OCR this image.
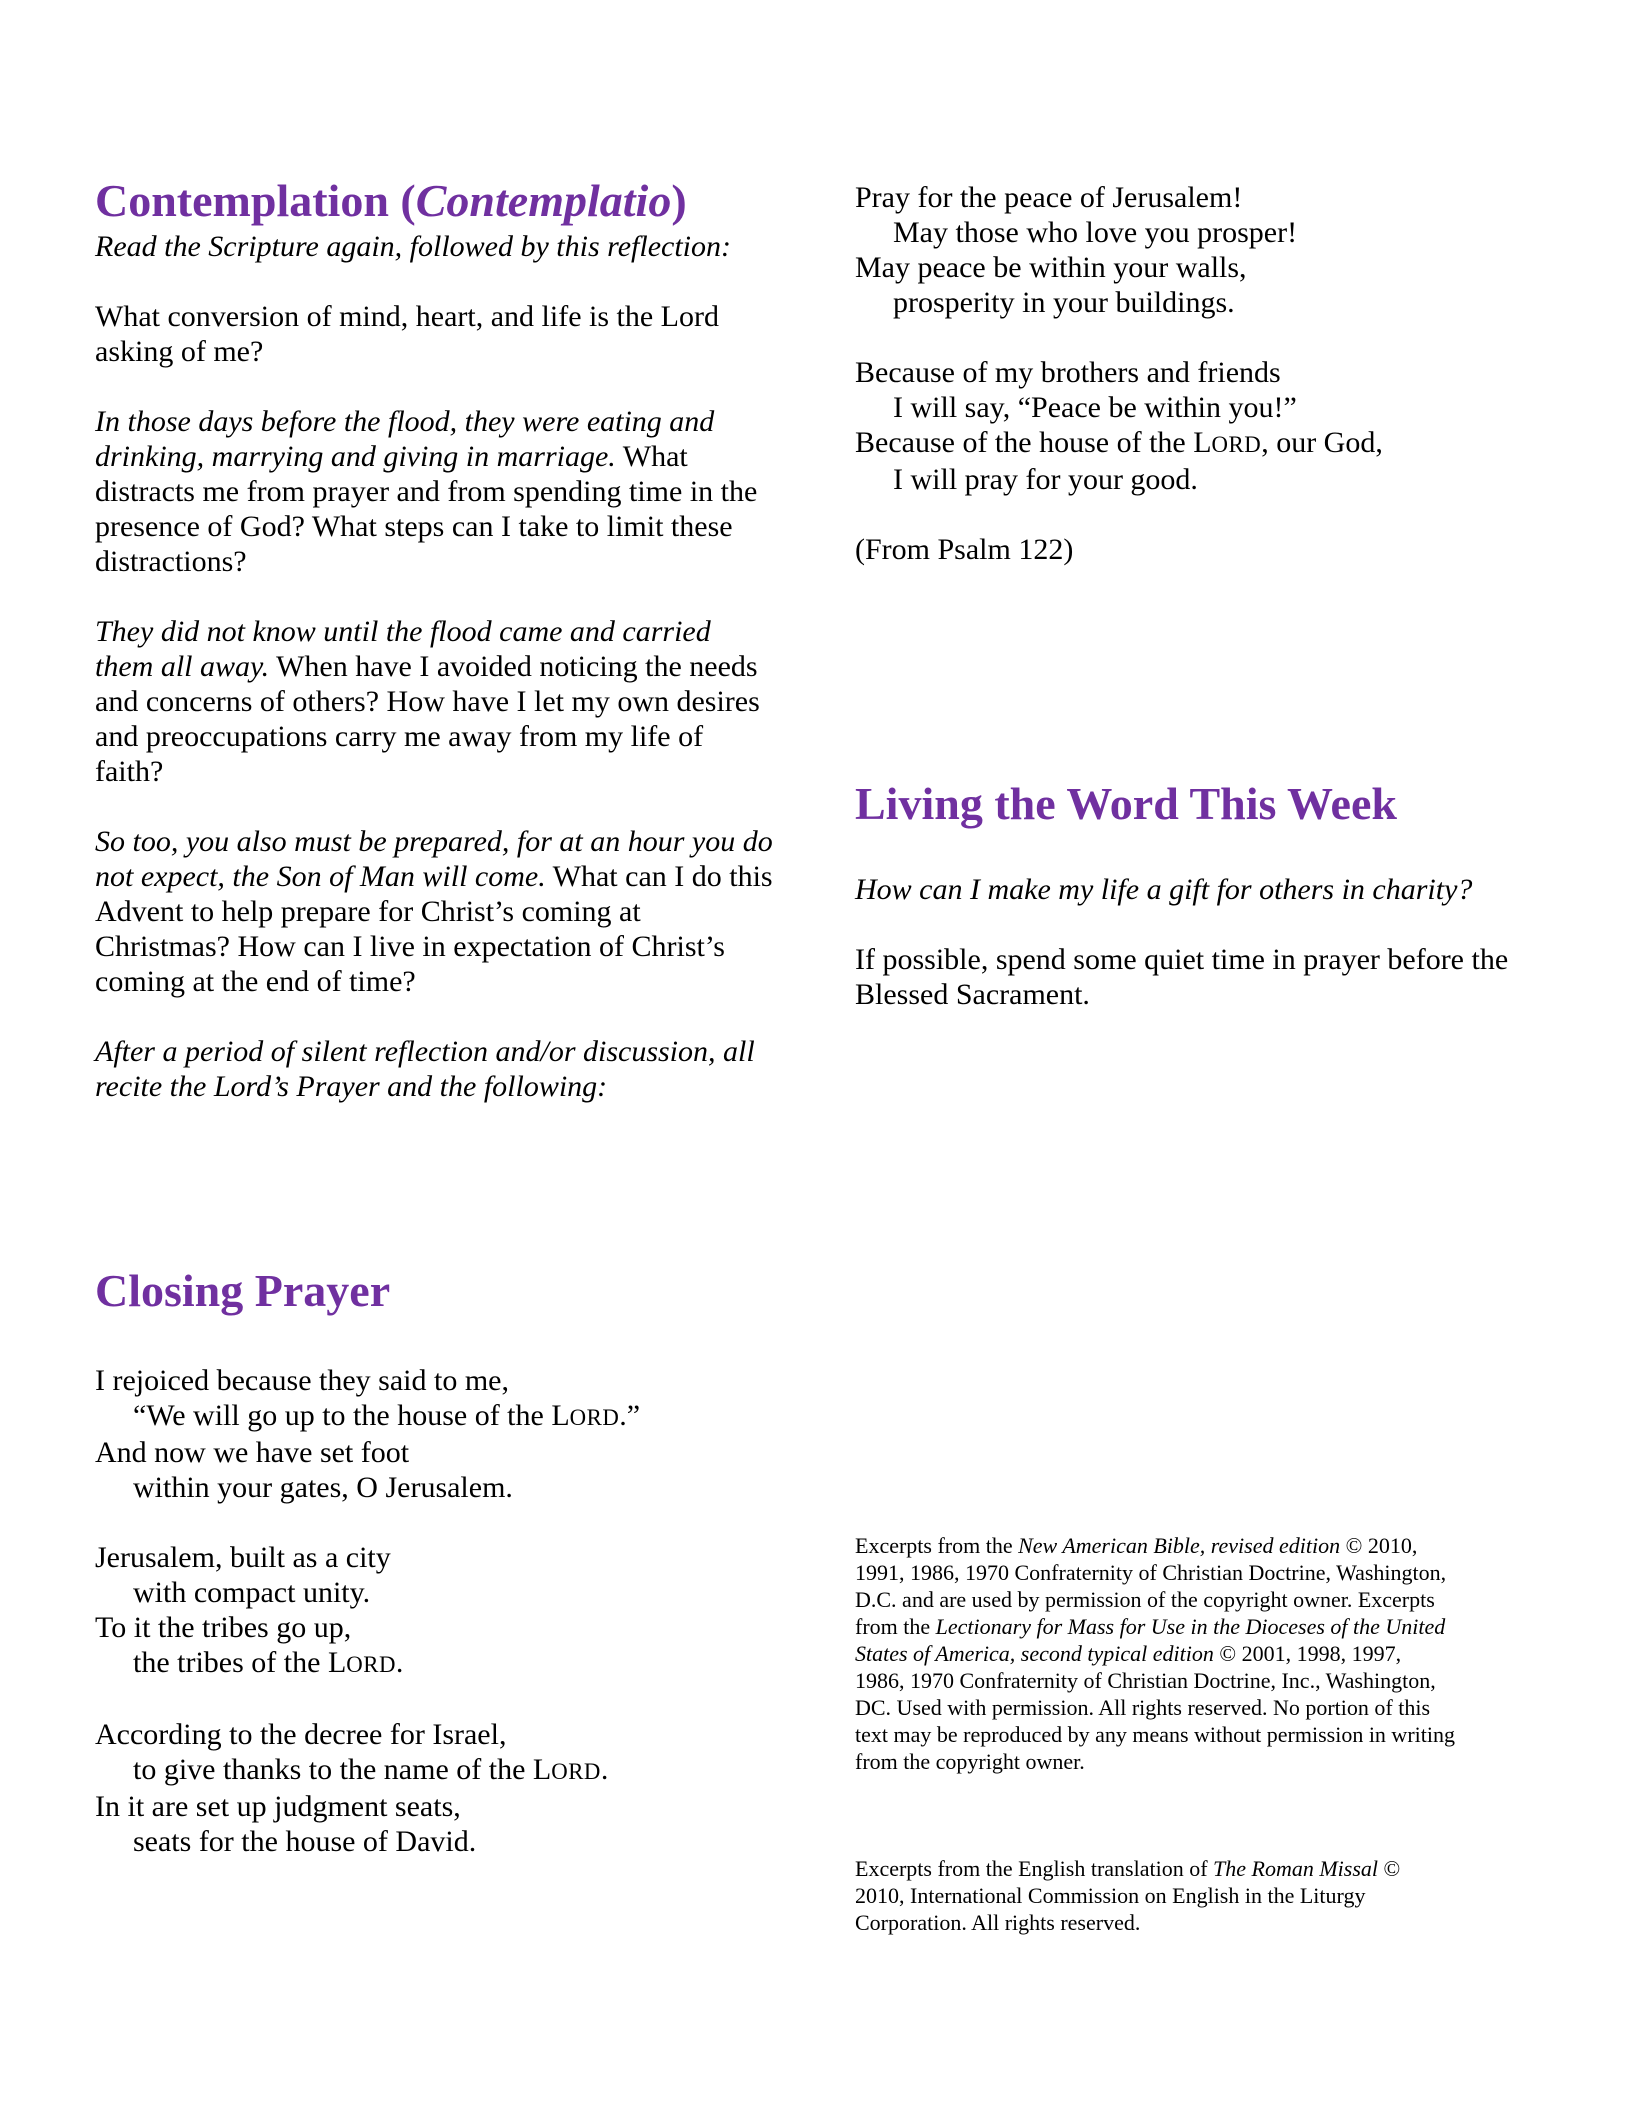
Contemplation (Contemplatio)
Read the Scripture again, followed by this reflection:
What conversion of mind, heart, and life is the Lord asking of me?
In those days before the flood, they were eating and drinking, marrying and giving in marriage. What distracts me from prayer and from spending time in the presence of God? What steps can I take to limit these distractions?
They did not know until the flood came and carried them all away. When have I avoided noticing the needs and concerns of others? How have I let my own desires and preoccupations carry me away from my life of faith?
So too, you also must be prepared, for at an hour you do not expect, the Son of Man will come. What can I do this Advent to help prepare for Christ’s coming at Christmas? How can I live in expectation of Christ’s coming at the end of time?
After a period of silent reflection and/or discussion, all recite the Lord’s Prayer and the following:
Closing Prayer
I rejoiced because they said to me,
“We will go up to the house of the LORD.”
And now we have set foot
within your gates, O Jerusalem.
Jerusalem, built as a city
with compact unity.
To it the tribes go up,
the tribes of the LORD.
According to the decree for Israel,
to give thanks to the name of the LORD.
In it are set up judgment seats,
seats for the house of David.
Pray for the peace of Jerusalem!
May those who love you prosper!
May peace be within your walls,
prosperity in your buildings.
Because of my brothers and friends
I will say, “Peace be within you!”
Because of the house of the LORD, our God,
I will pray for your good.
(From Psalm 122)
Living the Word This Week
How can I make my life a gift for others in charity?
If possible, spend some quiet time in prayer before the Blessed Sacrament.
Excerpts from the New American Bible, revised edition © 2010, 1991, 1986, 1970 Confraternity of Christian Doctrine, Washington, D.C. and are used by permission of the copyright owner. Excerpts from the Lectionary for Mass for Use in the Dioceses of the United States of America, second typical edition © 2001, 1998, 1997, 1986, 1970 Confraternity of Christian Doctrine, Inc., Washington, DC. Used with permission. All rights reserved. No portion of this text may be reproduced by any means without permission in writing from the copyright owner.
Excerpts from the English translation of The Roman Missal © 2010, International Commission on English in the Liturgy Corporation. All rights reserved.
